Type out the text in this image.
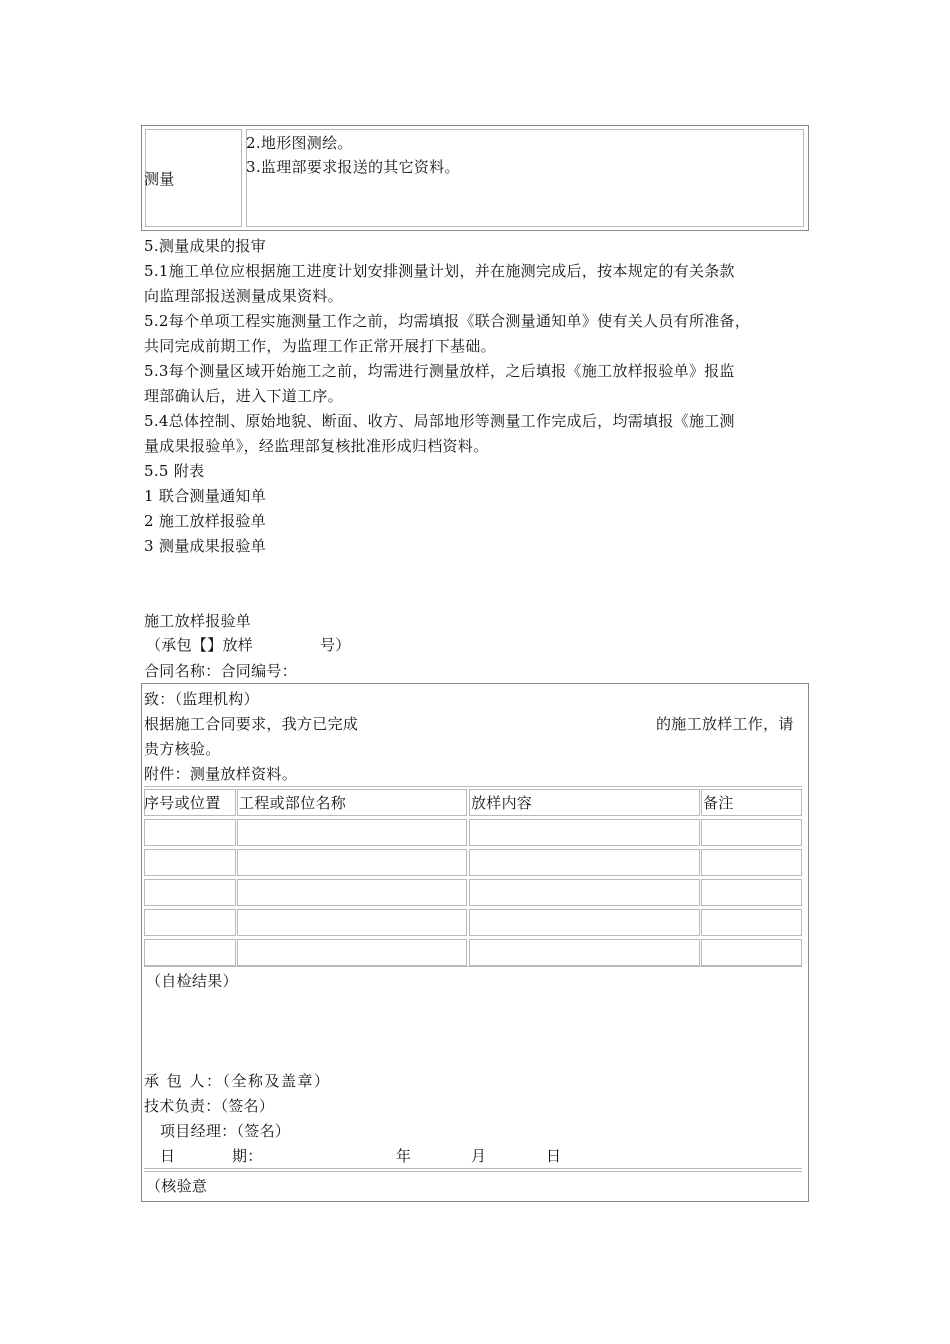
测量
2.地形图测绘。
3.监理部要求报送的其它资料。
5.测量成果的报审
5.1施工单位应根据施工进度计划安排测量计划，并在施测完成后，按本规定的有关条款
向监理部报送测量成果资料。
5.2每个单项工程实施测量工作之前，均需填报《联合测量通知单》使有关人员有所准备，
共同完成前期工作，为监理工作正常开展打下基础。
5.3每个测量区域开始施工之前，均需进行测量放样，之后填报《施工放样报验单》报监
理部确认后，进入下道工序。
5.4总体控制、原始地貌、断面、收方、局部地形等测量工作完成后，均需填报《施工测
量成果报验单》，经监理部复核批准形成归档资料。
5.5 附表
1 联合测量通知单
2 施工放样报验单
3 测量成果报验单
施工放样报验单
（承包【】放样	号）
合同名称：合同编号：
致：（监理机构）
根据施工合同要求，我方已完成	的施工放样工作，请
贵方核验。
附件：测量放样资料。
序号或位置 工程或部位名称	放样内容	备注
（自检结果）
承 包 人：（全称及盖章）
技术负责：（签名）
项目经理：（签名）
日	期：	年	月	日
（核验意
